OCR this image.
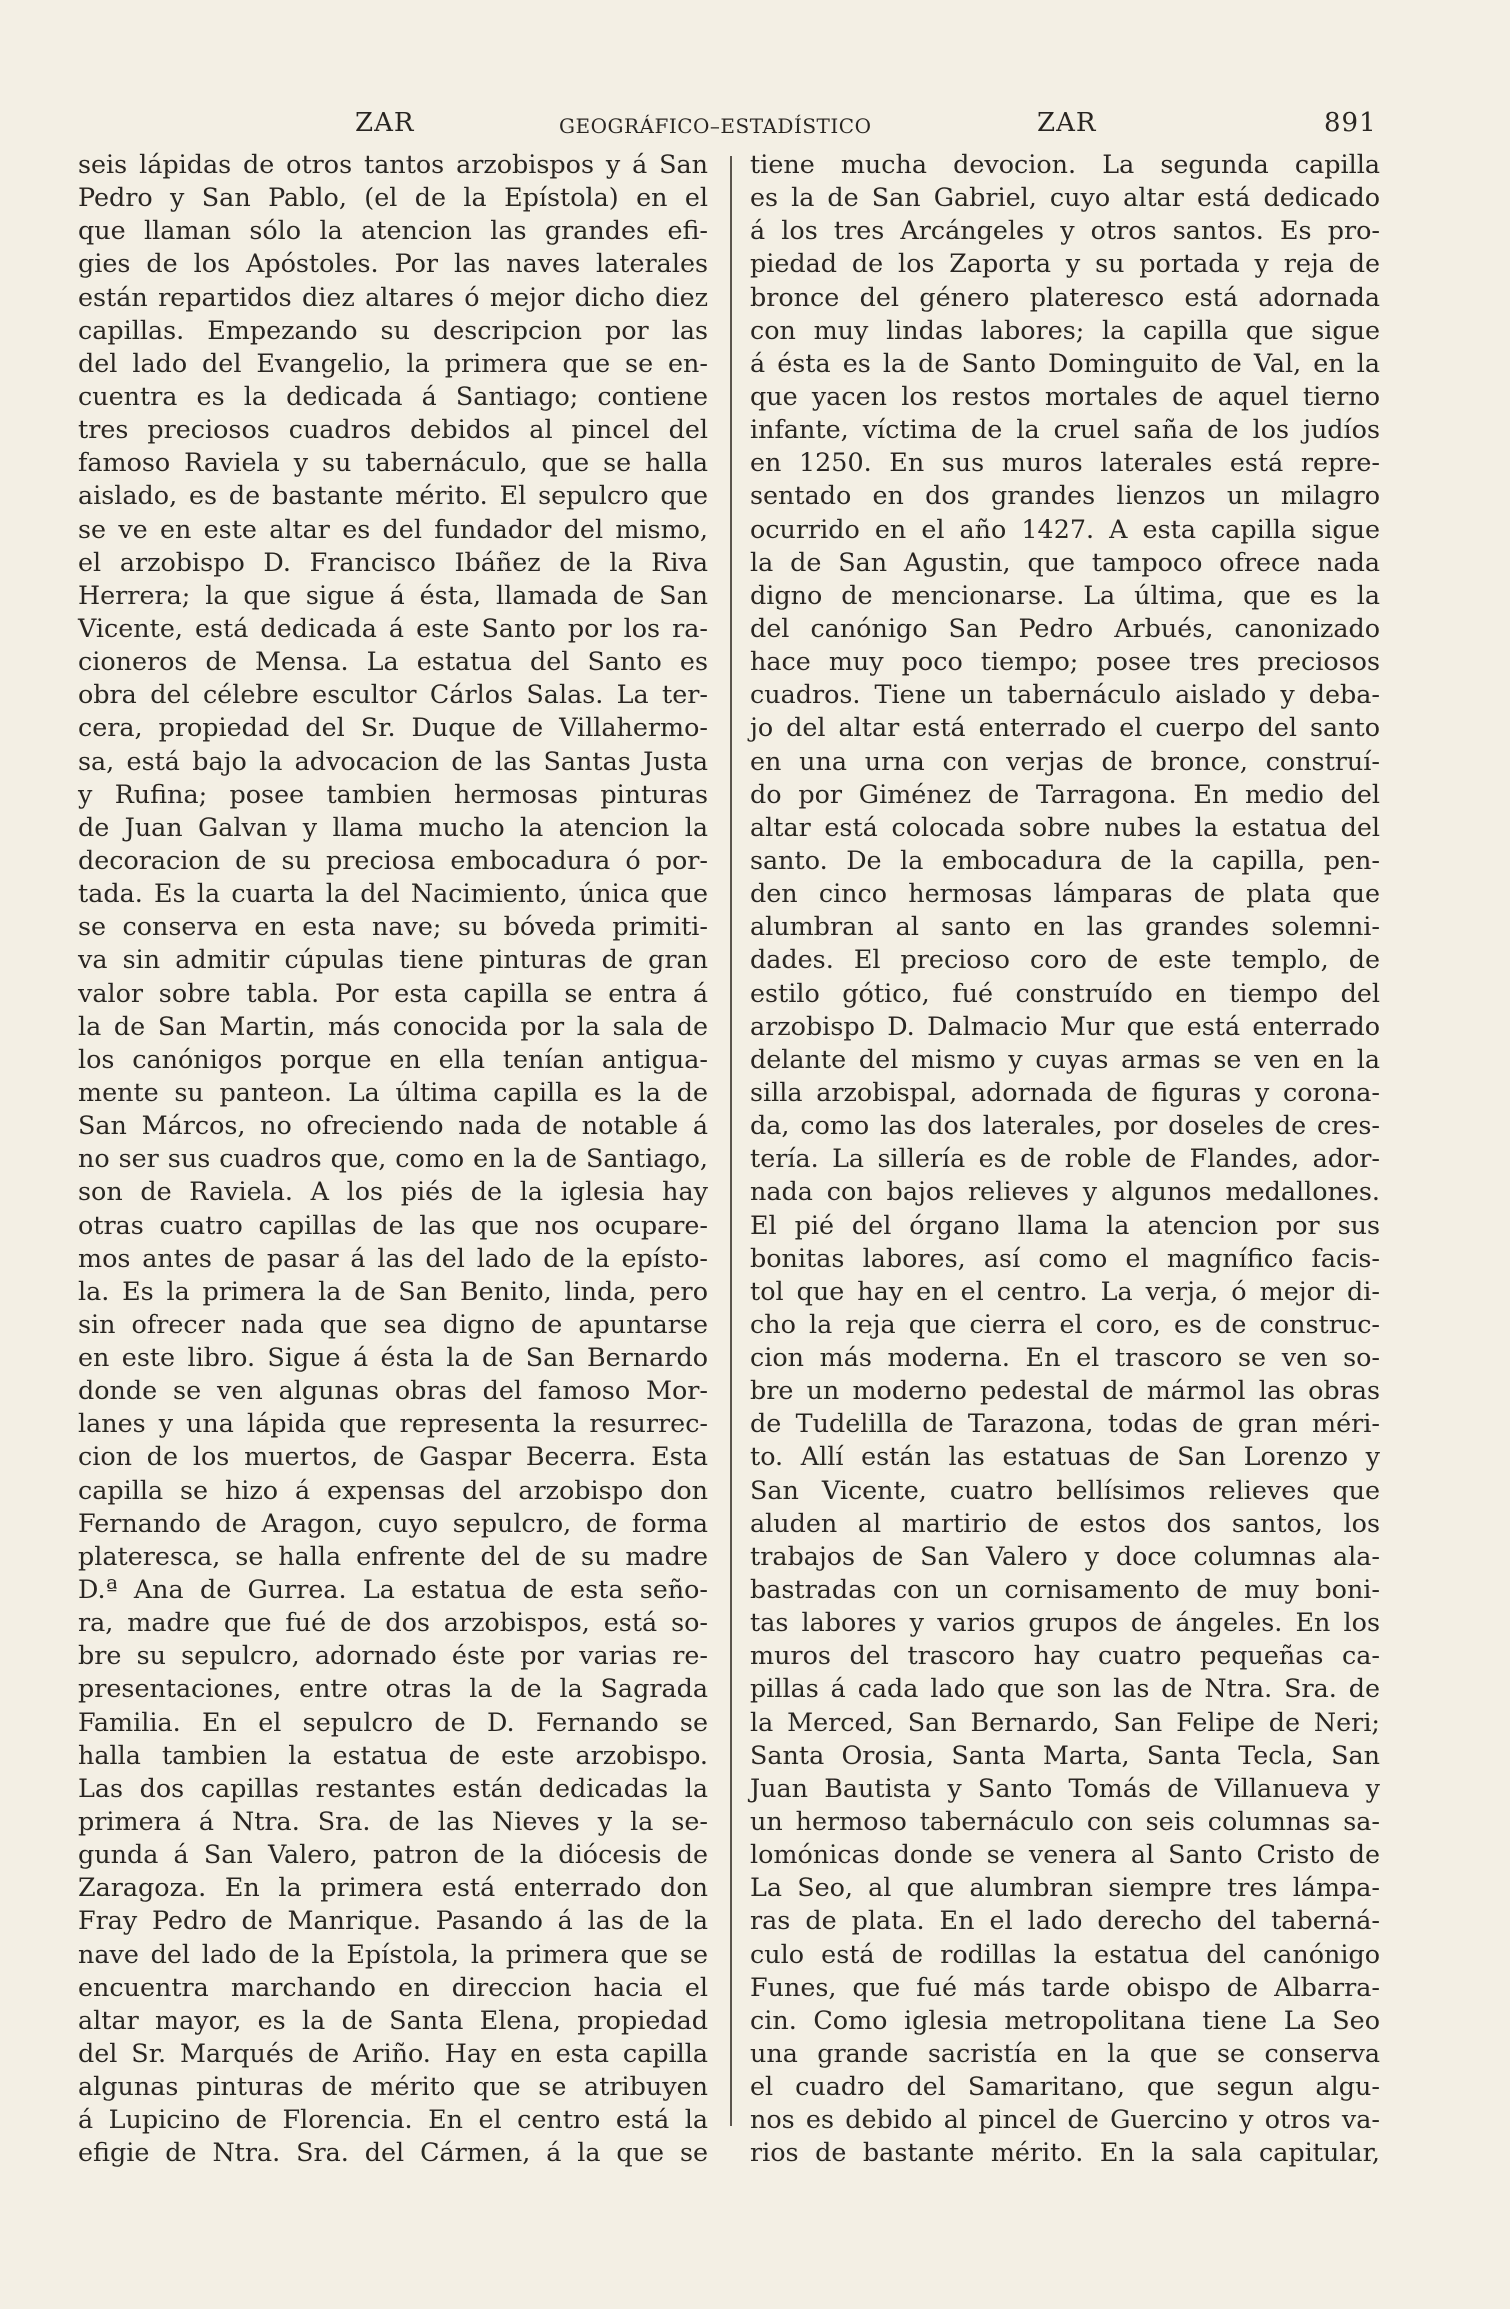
ZAR	GEOGRÁFICO–ESTADÍSTICO	ZAR	891
seis lápidas de otros tantos arzobispos y á San
Pedro y San Pablo, (el de la Epístola) en el
que llaman sólo la atencion las grandes efi-
gies de los Apóstoles. Por las naves laterales
están repartidos diez altares ó mejor dicho diez
capillas. Empezando su descripcion por las
del lado del Evangelio, la primera que se en-
cuentra es la dedicada á Santiago; contiene
tres preciosos cuadros debidos al pincel del
famoso Raviela y su tabernáculo, que se halla
aislado, es de bastante mérito. El sepulcro que
se ve en este altar es del fundador del mismo,
el arzobispo D. Francisco Ibáñez de la Riva
Herrera; la que sigue á ésta, llamada de San
Vicente, está dedicada á este Santo por los ra-
cioneros de Mensa. La estatua del Santo es
obra del célebre escultor Cárlos Salas. La ter-
cera, propiedad del Sr. Duque de Villahermo-
sa, está bajo la advocacion de las Santas Justa
y Rufina; posee tambien hermosas pinturas
de Juan Galvan y llama mucho la atencion la
decoracion de su preciosa embocadura ó por-
tada. Es la cuarta la del Nacimiento, única que
se conserva en esta nave; su bóveda primiti-
va sin admitir cúpulas tiene pinturas de gran
valor sobre tabla. Por esta capilla se entra á
la de San Martin, más conocida por la sala de
los canónigos porque en ella tenían antigua-
mente su panteon. La última capilla es la de
San Márcos, no ofreciendo nada de notable á
no ser sus cuadros que, como en la de Santiago,
son de Raviela. A los piés de la iglesia hay
otras cuatro capillas de las que nos ocupare-
mos antes de pasar á las del lado de la epísto-
la. Es la primera la de San Benito, linda, pero
sin ofrecer nada que sea digno de apuntarse
en este libro. Sigue á ésta la de San Bernardo
donde se ven algunas obras del famoso Mor-
lanes y una lápida que representa la resurrec-
cion de los muertos, de Gaspar Becerra. Esta
capilla se hizo á expensas del arzobispo don
Fernando de Aragon, cuyo sepulcro, de forma
plateresca, se halla enfrente del de su madre
D.ª Ana de Gurrea. La estatua de esta seño-
ra, madre que fué de dos arzobispos, está so-
bre su sepulcro, adornado éste por varias re-
presentaciones, entre otras la de la Sagrada
Familia. En el sepulcro de D. Fernando se
halla tambien la estatua de este arzobispo.
Las dos capillas restantes están dedicadas la
primera á Ntra. Sra. de las Nieves y la se-
gunda á San Valero, patron de la diócesis de
Zaragoza. En la primera está enterrado don
Fray Pedro de Manrique. Pasando á las de la
nave del lado de la Epístola, la primera que se
encuentra marchando en direccion hacia el
altar mayor, es la de Santa Elena, propiedad
del Sr. Marqués de Ariño. Hay en esta capilla
algunas pinturas de mérito que se atribuyen
á Lupicino de Florencia. En el centro está la
efigie de Ntra. Sra. del Cármen, á la que se
tiene mucha devocion. La segunda capilla
es la de San Gabriel, cuyo altar está dedicado
á los tres Arcángeles y otros santos. Es pro-
piedad de los Zaporta y su portada y reja de
bronce del género plateresco está adornada
con muy lindas labores; la capilla que sigue
á ésta es la de Santo Dominguito de Val, en la
que yacen los restos mortales de aquel tierno
infante, víctima de la cruel saña de los judíos
en 1250. En sus muros laterales está repre-
sentado en dos grandes lienzos un milagro
ocurrido en el año 1427. A esta capilla sigue
la de San Agustin, que tampoco ofrece nada
digno de mencionarse. La última, que es la
del canónigo San Pedro Arbués, canonizado
hace muy poco tiempo; posee tres preciosos
cuadros. Tiene un tabernáculo aislado y deba-
jo del altar está enterrado el cuerpo del santo
en una urna con verjas de bronce, construí-
do por Giménez de Tarragona. En medio del
altar está colocada sobre nubes la estatua del
santo. De la embocadura de la capilla, pen-
den cinco hermosas lámparas de plata que
alumbran al santo en las grandes solemni-
dades. El precioso coro de este templo, de
estilo gótico, fué construído en tiempo del
arzobispo D. Dalmacio Mur que está enterrado
delante del mismo y cuyas armas se ven en la
silla arzobispal, adornada de figuras y corona-
da, como las dos laterales, por doseles de cres-
tería. La sillería es de roble de Flandes, ador-
nada con bajos relieves y algunos medallones.
El pié del órgano llama la atencion por sus
bonitas labores, así como el magnífico facis-
tol que hay en el centro. La verja, ó mejor di-
cho la reja que cierra el coro, es de construc-
cion más moderna. En el trascoro se ven so-
bre un moderno pedestal de mármol las obras
de Tudelilla de Tarazona, todas de gran méri-
to. Allí están las estatuas de San Lorenzo y
San Vicente, cuatro bellísimos relieves que
aluden al martirio de estos dos santos, los
trabajos de San Valero y doce columnas ala-
bastradas con un cornisamento de muy boni-
tas labores y varios grupos de ángeles. En los
muros del trascoro hay cuatro pequeñas ca-
pillas á cada lado que son las de Ntra. Sra. de
la Merced, San Bernardo, San Felipe de Neri;
Santa Orosia, Santa Marta, Santa Tecla, San
Juan Bautista y Santo Tomás de Villanueva y
un hermoso tabernáculo con seis columnas sa-
lomónicas donde se venera al Santo Cristo de
La Seo, al que alumbran siempre tres lámpa-
ras de plata. En el lado derecho del taberná-
culo está de rodillas la estatua del canónigo
Funes, que fué más tarde obispo de Albarra-
cin. Como iglesia metropolitana tiene La Seo
una grande sacristía en la que se conserva
el cuadro del Samaritano, que segun algu-
nos es debido al pincel de Guercino y otros va-
rios de bastante mérito. En la sala capitular,
